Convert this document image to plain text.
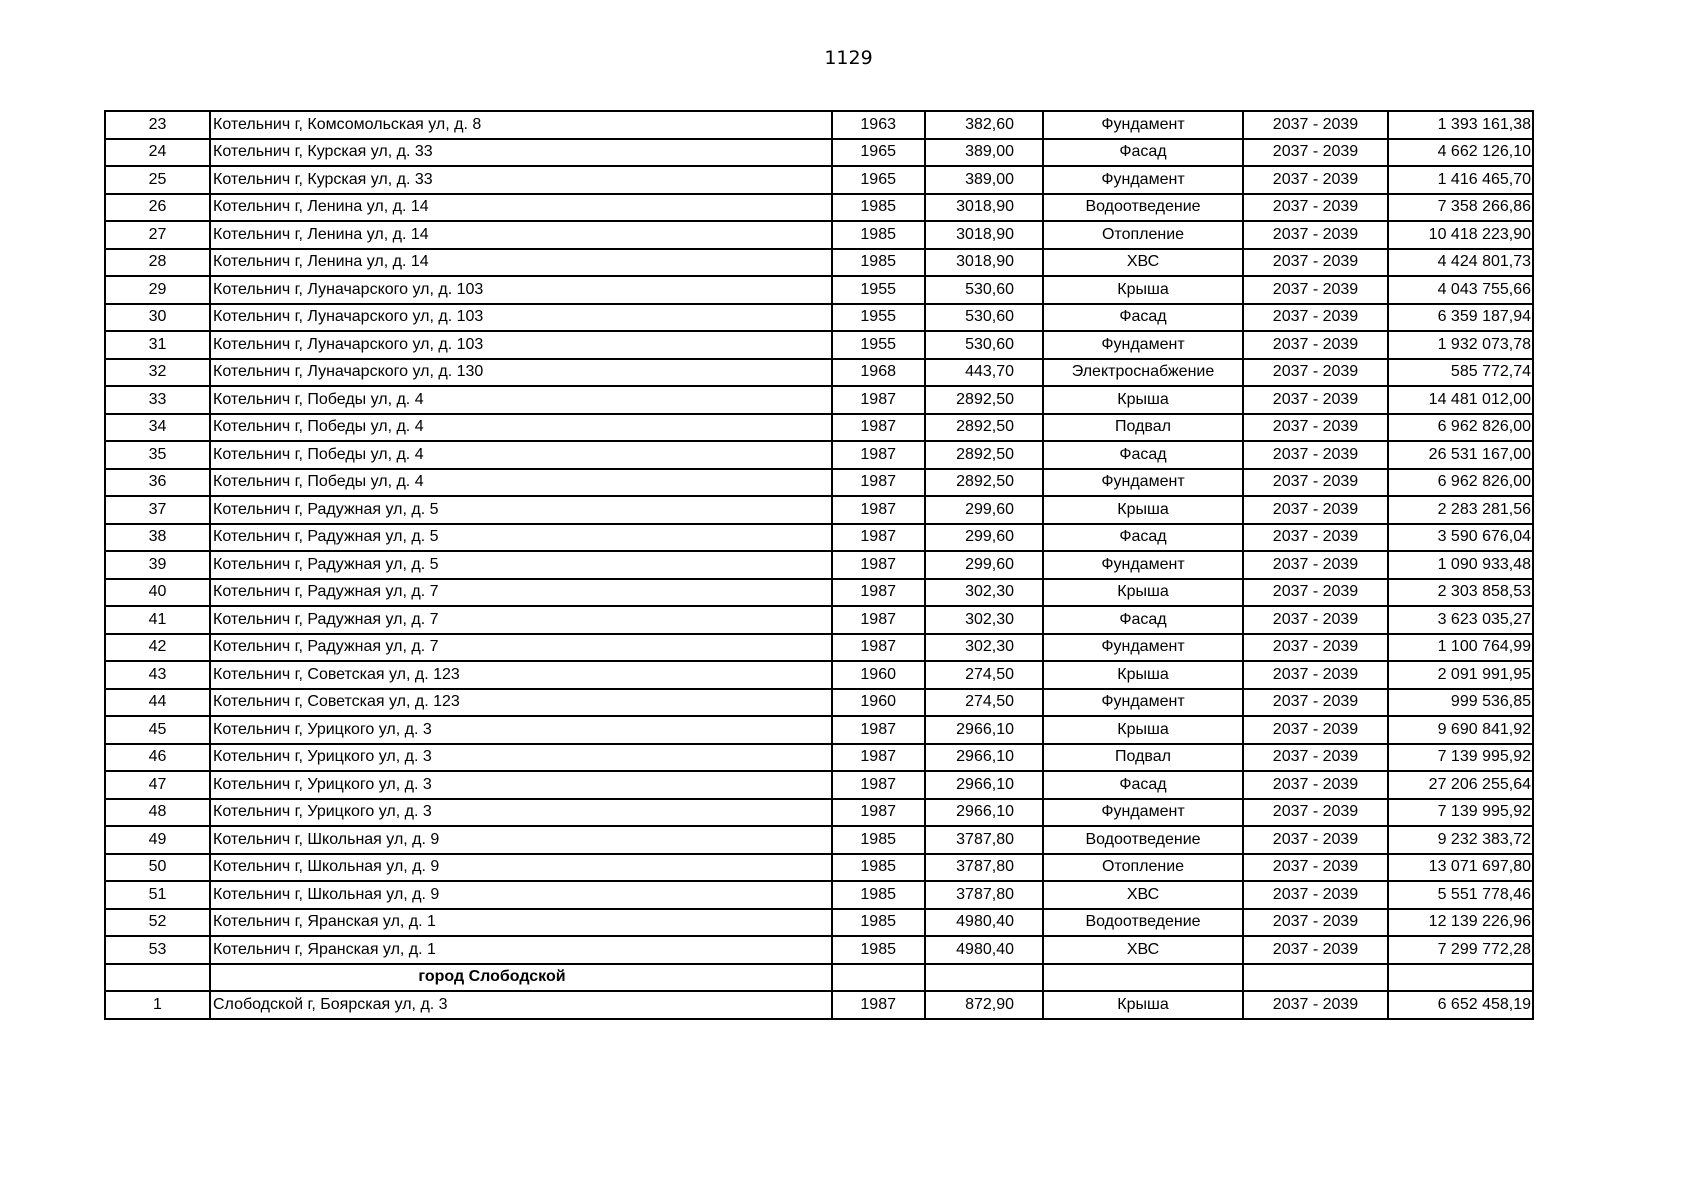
1129
23	Котельнич г, Комсомольская ул, д. 8	1963	382,60	Фундамент	2037 - 2039	1 393 161,38
24	Котельнич г, Курская ул, д. 33	1965	389,00	Фасад	2037 - 2039	4 662 126,10
25	Котельнич г, Курская ул, д. 33	1965	389,00	Фундамент	2037 - 2039	1 416 465,70
26	Котельнич г, Ленина ул, д. 14	1985	3018,90	Водоотведение	2037 - 2039	7 358 266,86
27	Котельнич г, Ленина ул, д. 14	1985	3018,90	Отопление	2037 - 2039	10 418 223,90
28	Котельнич г, Ленина ул, д. 14	1985	3018,90	ХВС	2037 - 2039	4 424 801,73
29	Котельнич г, Луначарского ул, д. 103	1955	530,60	Крыша	2037 - 2039	4 043 755,66
30	Котельнич г, Луначарского ул, д. 103	1955	530,60	Фасад	2037 - 2039	6 359 187,94
31	Котельнич г, Луначарского ул, д. 103	1955	530,60	Фундамент	2037 - 2039	1 932 073,78
32	Котельнич г, Луначарского ул, д. 130	1968	443,70	Электроснабжение	2037 - 2039	585 772,74
33	Котельнич г, Победы ул, д. 4	1987	2892,50	Крыша	2037 - 2039	14 481 012,00
34	Котельнич г, Победы ул, д. 4	1987	2892,50	Подвал	2037 - 2039	6 962 826,00
35	Котельнич г, Победы ул, д. 4	1987	2892,50	Фасад	2037 - 2039	26 531 167,00
36	Котельнич г, Победы ул, д. 4	1987	2892,50	Фундамент	2037 - 2039	6 962 826,00
37	Котельнич г, Радужная ул, д. 5	1987	299,60	Крыша	2037 - 2039	2 283 281,56
38	Котельнич г, Радужная ул, д. 5	1987	299,60	Фасад	2037 - 2039	3 590 676,04
39	Котельнич г, Радужная ул, д. 5	1987	299,60	Фундамент	2037 - 2039	1 090 933,48
40	Котельнич г, Радужная ул, д. 7	1987	302,30	Крыша	2037 - 2039	2 303 858,53
41	Котельнич г, Радужная ул, д. 7	1987	302,30	Фасад	2037 - 2039	3 623 035,27
42	Котельнич г, Радужная ул, д. 7	1987	302,30	Фундамент	2037 - 2039	1 100 764,99
43	Котельнич г, Советская ул, д. 123	1960	274,50	Крыша	2037 - 2039	2 091 991,95
44	Котельнич г, Советская ул, д. 123	1960	274,50	Фундамент	2037 - 2039	999 536,85
45	Котельнич г, Урицкого ул, д. 3	1987	2966,10	Крыша	2037 - 2039	9 690 841,92
46	Котельнич г, Урицкого ул, д. 3	1987	2966,10	Подвал	2037 - 2039	7 139 995,92
47	Котельнич г, Урицкого ул, д. 3	1987	2966,10	Фасад	2037 - 2039	27 206 255,64
48	Котельнич г, Урицкого ул, д. 3	1987	2966,10	Фундамент	2037 - 2039	7 139 995,92
49	Котельнич г, Школьная ул, д. 9	1985	3787,80	Водоотведение	2037 - 2039	9 232 383,72
50	Котельнич г, Школьная ул, д. 9	1985	3787,80	Отопление	2037 - 2039	13 071 697,80
51	Котельнич г, Школьная ул, д. 9	1985	3787,80	ХВС	2037 - 2039	5 551 778,46
52	Котельнич г, Яранская ул, д. 1	1985	4980,40	Водоотведение	2037 - 2039	12 139 226,96
53	Котельнич г, Яранская ул, д. 1	1985	4980,40	ХВС	2037 - 2039	7 299 772,28
	город Слободской					
1	Слободской г, Боярская ул, д. 3	1987	872,90	Крыша	2037 - 2039	6 652 458,19
